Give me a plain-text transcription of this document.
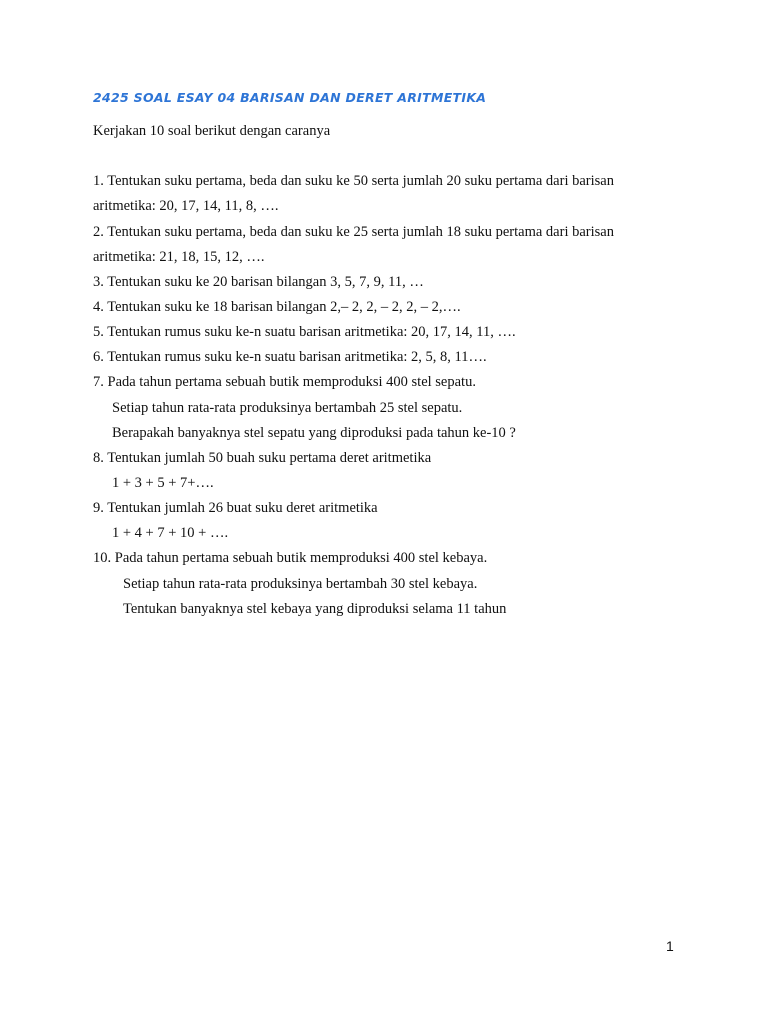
2425 SOAL ESAY 04 BARISAN DAN DERET ARITMETIKA
Kerjakan 10 soal berikut dengan caranya
1. Tentukan suku pertama, beda dan suku ke 50 serta jumlah 20 suku pertama dari barisan
aritmetika: 20, 17, 14, 11, 8, ….
2. Tentukan suku pertama, beda dan suku ke 25 serta jumlah 18 suku pertama dari barisan
aritmetika: 21, 18, 15, 12, ….
3. Tentukan suku ke 20 barisan bilangan 3, 5, 7, 9, 11, …
4. Tentukan suku ke 18 barisan bilangan 2,– 2, 2, – 2, 2, – 2,….
5. Tentukan rumus suku ke-n suatu barisan aritmetika: 20, 17, 14, 11, ….
6. Tentukan rumus suku ke-n suatu barisan aritmetika: 2, 5, 8, 11….
7. Pada tahun pertama sebuah butik memproduksi 400 stel sepatu.
Setiap tahun rata-rata produksinya bertambah 25 stel sepatu.
Berapakah banyaknya stel sepatu yang diproduksi pada tahun ke-10 ?
8. Tentukan jumlah 50 buah suku pertama deret aritmetika
1 + 3 + 5 + 7+….
9. Tentukan jumlah 26 buat suku deret aritmetika
1 + 4 + 7 + 10 + ….
10. Pada tahun pertama sebuah butik memproduksi 400 stel kebaya.
Setiap tahun rata-rata produksinya bertambah 30 stel kebaya.
Tentukan banyaknya stel kebaya yang diproduksi selama 11 tahun
1
